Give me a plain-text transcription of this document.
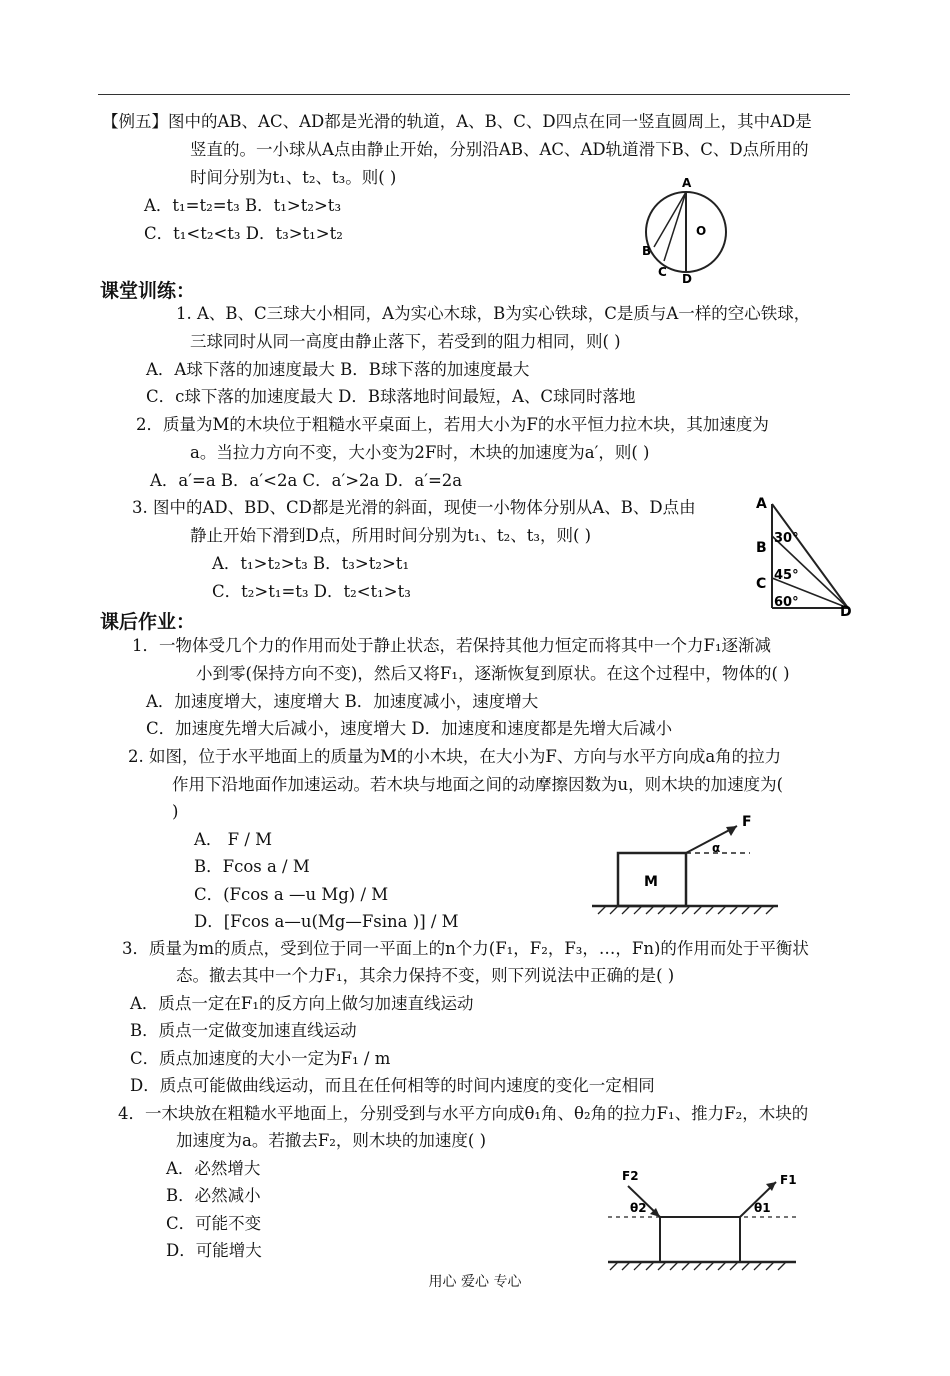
【例五】图中的AB、AC、AD都是光滑的轨道，A、B、C、D四点在同一竖直圆周上，其中AD是
竖直的。一小球从A点由静止开始，分别沿AB、AC、AD轨道滑下B、C、D点所用的
时间分别为t₁、t₂、t₃。则( )
A．t₁=t₂=t₃ B．t₁>t₂>t₃
C．t₁<t₂<t₃ D．t₃>t₁>t₂
A
B
C D
O
课堂训练：
1. A、B、C三球大小相同，A为实心木球，B为实心铁球，C是质与A一样的空心铁球，
三球同时从同一高度由静止落下，若受到的阻力相同，则( )
A．A球下落的加速度最大 B．B球下落的加速度最大
C．c球下落的加速度最大 D．B球落地时间最短，A、C球同时落地
2．质量为M的木块位于粗糙水平桌面上，若用大小为F的水平恒力拉木块，其加速度为
a。当拉力方向不变，大小变为2F时，木块的加速度为a′，则( )
A．a′=a B．a′<2a C．a′>2a D．a′=2a
3. 图中的AD、BD、CD都是光滑的斜面，现使一小物体分别从A、B、D点由
静止开始下滑到D点，所用时间分别为t₁、t₂、t₃，则( )
A．t₁>t₂>t₃ B．t₃>t₂>t₁
C．t₂>t₁=t₃ D．t₂<t₁>t₃
A
B
C
D
30°
45°
60°
课后作业：
1．一物体受几个力的作用而处于静止状态，若保持其他力恒定而将其中一个力F₁逐渐减
小到零(保持方向不变)，然后又将F₁，逐渐恢复到原状。在这个过程中，物体的( )
A．加速度增大，速度增大 B．加速度减小，速度增大
C．加速度先增大后减小，速度增大 D．加速度和速度都是先增大后减小
2. 如图，位于水平地面上的质量为M的小木块，在大小为F、方向与水平方向成a角的拉力
作用下沿地面作加速运动。若木块与地面之间的动摩擦因数为u，则木块的加速度为(
)
A． F / M
B．Fcos a / M
C．(Fcos a —u Mg) / M
D．[Fcos a—u(Mg—Fsina )] / M
M
F
α
3．质量为m的质点，受到位于同一平面上的n个力(F₁，F₂，F₃，…，Fn)的作用而处于平衡状
态。撤去其中一个力F₁，其余力保持不变，则下列说法中正确的是( )
A．质点一定在F₁的反方向上做匀加速直线运动
B．质点一定做变加速直线运动
C．质点加速度的大小一定为F₁ / m
D．质点可能做曲线运动，而且在任何相等的时间内速度的变化一定相同
4．一木块放在粗糙水平地面上，分别受到与水平方向成θ₁角、θ₂角的拉力F₁、推力F₂，木块的
加速度为a。若撤去F₂，则木块的加速度( )
A．必然增大
B．必然减小
C．可能不变
D．可能增大
F2
θ2
F1
θ1
用心 爱心 专心
